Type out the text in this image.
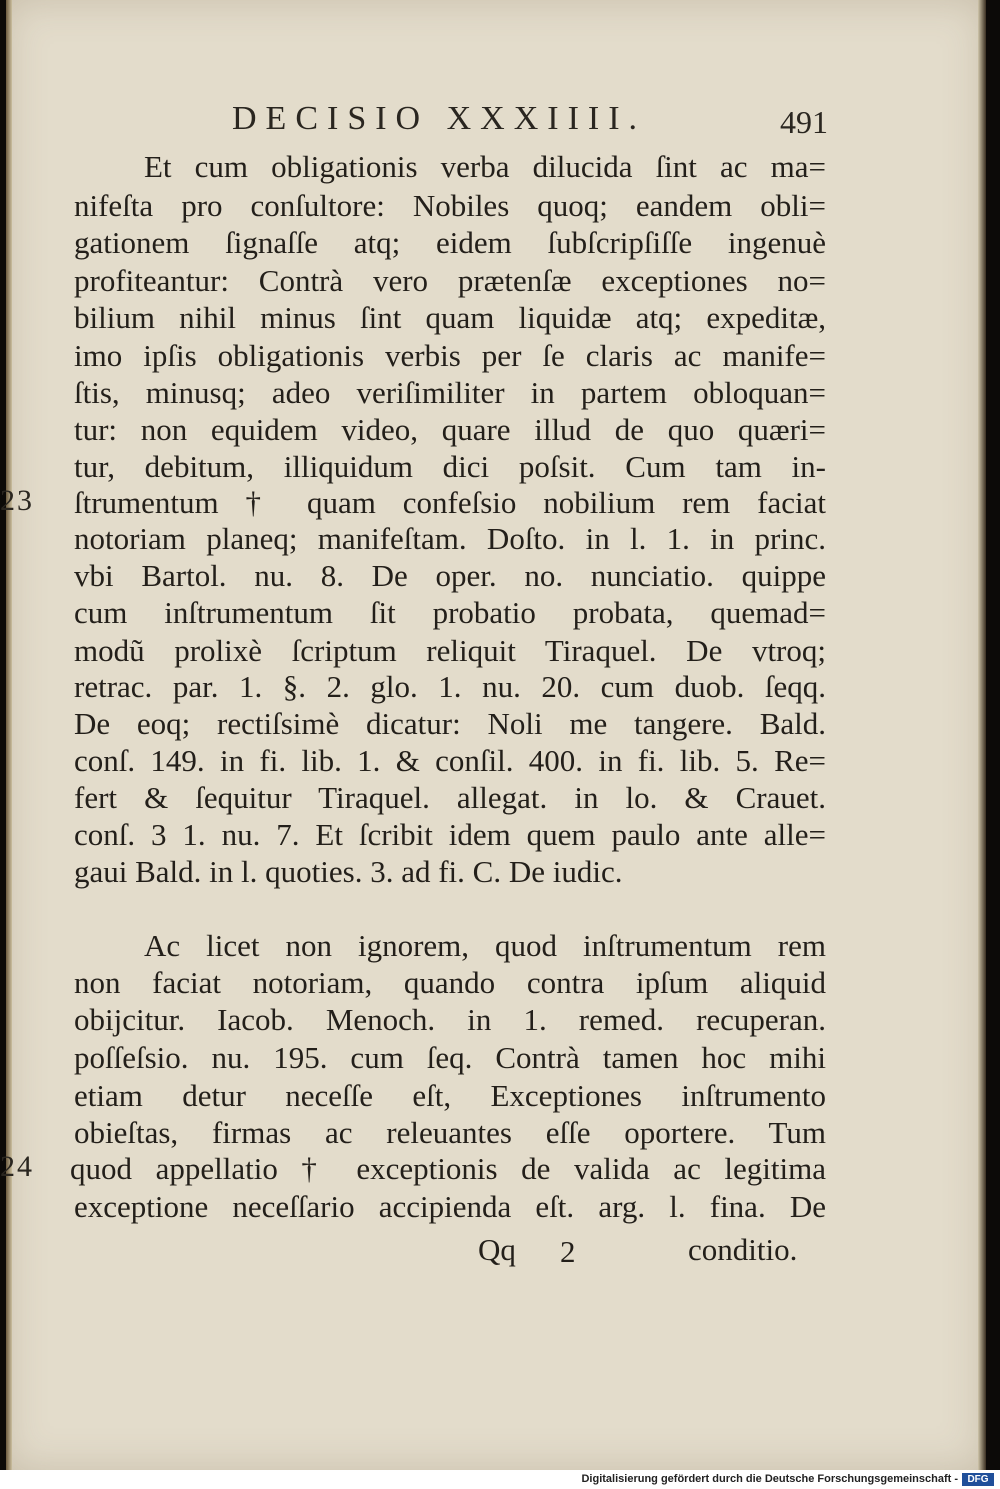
DECISIO XXXIIII.	491
Et cum obligationis verba dilucida ſint ac ma=
nifeſta pro conſultore: Nobiles quoq; eandem obli=
gationem ſignaſſe atq; eidem ſubſcripſiſſe ingenuè
profiteantur: Contrà vero prætenſæ exceptiones no=
bilium nihil minus ſint quam liquidæ atq; expeditæ,
imo ipſis obligationis verbis per ſe claris ac manife=
ſtis, minusq; adeo veriſimiliter in partem obloquan=
tur: non equidem video, quare illud de quo quæri=
tur, debitum, illiquidum dici poſsit. Cum tam in-
23 ſtrumentum † quam confeſsio nobilium rem faciat
notoriam planeq; manifeſtam. Doſto. in l. 1. in princ.
vbi Bartol. nu. 8. De oper. no. nunciatio. quippe
cum inſtrumentum ſit probatio probata, quemad=
modũ prolixè ſcriptum reliquit Tiraquel. De vtroq;
retrac. par. 1. §. 2. glo. 1. nu. 20. cum duob. ſeqq.
De eoq; rectiſsimè dicatur: Noli me tangere. Bald.
conſ. 149. in fi. lib. 1. & conſil. 400. in fi. lib. 5. Re=
fert & ſequitur Tiraquel. allegat. in lo. & Crauet.
conſ. 3 1. nu. 7. Et ſcribit idem quem paulo ante alle=
gaui Bald. in l. quoties. 3. ad fi. C. De iudic.
Ac licet non ignorem, quod inſtrumentum rem
non faciat notoriam, quando contra ipſum aliquid
obijcitur. Iacob. Menoch. in 1. remed. recuperan.
poſſeſsio. nu. 195. cum ſeq. Contrà tamen hoc mihi
etiam detur neceſſe eſt, Exceptiones inſtrumento
obieſtas, firmas ac releuantes eſſe oportere. Tum
24 quod appellatio † exceptionis de valida ac legitima
exceptione neceſſario accipienda eſt. arg. l. fina. De
Qq 2	conditio.
Digitalisierung gefördert durch die Deutsche Forschungsgemeinschaft - DFG
